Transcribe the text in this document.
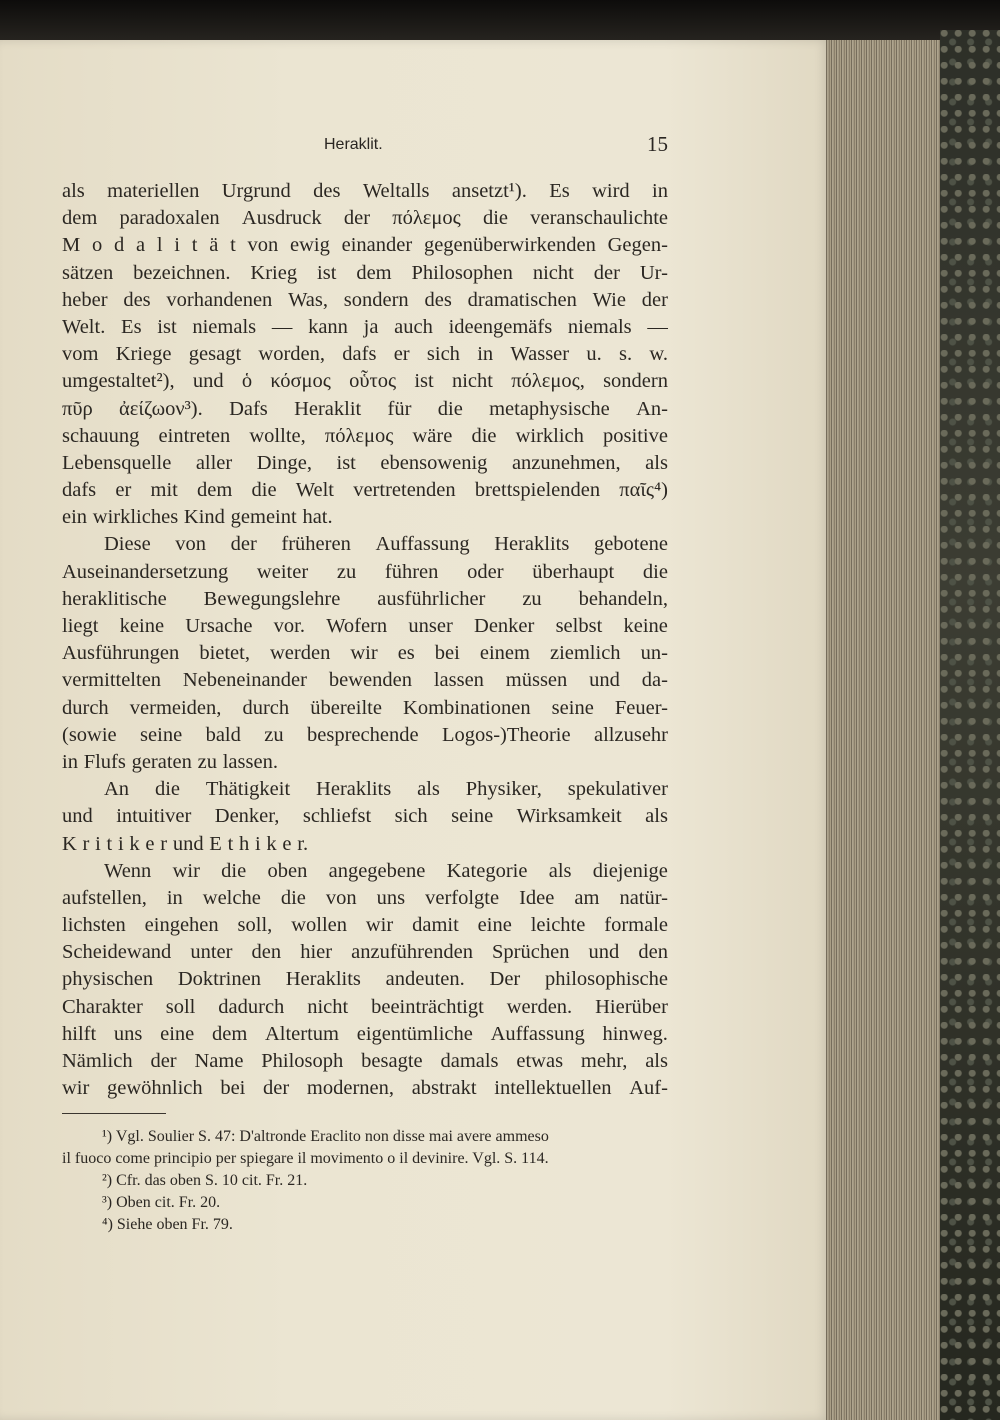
Heraklit.	15
als materiellen Urgrund des Weltalls ansetzt¹). Es wird in
dem paradoxalen Ausdruck der πόλεμος die veranschaulichte
M o d a l i t ä t von ewig einander gegenüberwirkenden Gegen-
sätzen bezeichnen. Krieg ist dem Philosophen nicht der Ur-
heber des vorhandenen Was, sondern des dramatischen Wie der
Welt. Es ist niemals — kann ja auch ideengemäfs niemals —
vom Kriege gesagt worden, dafs er sich in Wasser u. s. w.
umgestaltet²), und ὁ κόσμος οὗτος ist nicht πόλεμος, sondern
πῦρ ἀείζωον³). Dafs Heraklit für die metaphysische An-
schauung eintreten wollte, πόλεμος wäre die wirklich positive
Lebensquelle aller Dinge, ist ebensowenig anzunehmen, als
dafs er mit dem die Welt vertretenden brettspielenden παῖς⁴)
ein wirkliches Kind gemeint hat.
Diese von der früheren Auffassung Heraklits gebotene
Auseinandersetzung weiter zu führen oder überhaupt die
heraklitische Bewegungslehre ausführlicher zu behandeln,
liegt keine Ursache vor. Wofern unser Denker selbst keine
Ausführungen bietet, werden wir es bei einem ziemlich un-
vermittelten Nebeneinander bewenden lassen müssen und da-
durch vermeiden, durch übereilte Kombinationen seine Feuer-
(sowie seine bald zu besprechende Logos-)Theorie allzusehr
in Flufs geraten zu lassen.
An die Thätigkeit Heraklits als Physiker, spekulativer
und intuitiver Denker, schliefst sich seine Wirksamkeit als
K r i t i k e r und E t h i k e r.
Wenn wir die oben angegebene Kategorie als diejenige
aufstellen, in welche die von uns verfolgte Idee am natür-
lichsten eingehen soll, wollen wir damit eine leichte formale
Scheidewand unter den hier anzuführenden Sprüchen und den
physischen Doktrinen Heraklits andeuten. Der philosophische
Charakter soll dadurch nicht beeinträchtigt werden. Hierüber
hilft uns eine dem Altertum eigentümliche Auffassung hinweg.
Nämlich der Name Philosoph besagte damals etwas mehr, als
wir gewöhnlich bei der modernen, abstrakt intellektuellen Auf-
¹) Vgl. Soulier S. 47: D'altronde Eraclito non disse mai avere ammeso
il fuoco come principio per spiegare il movimento o il devinire. Vgl. S. 114.
²) Cfr. das oben S. 10 cit. Fr. 21.
³) Oben cit. Fr. 20.
⁴) Siehe oben Fr. 79.
